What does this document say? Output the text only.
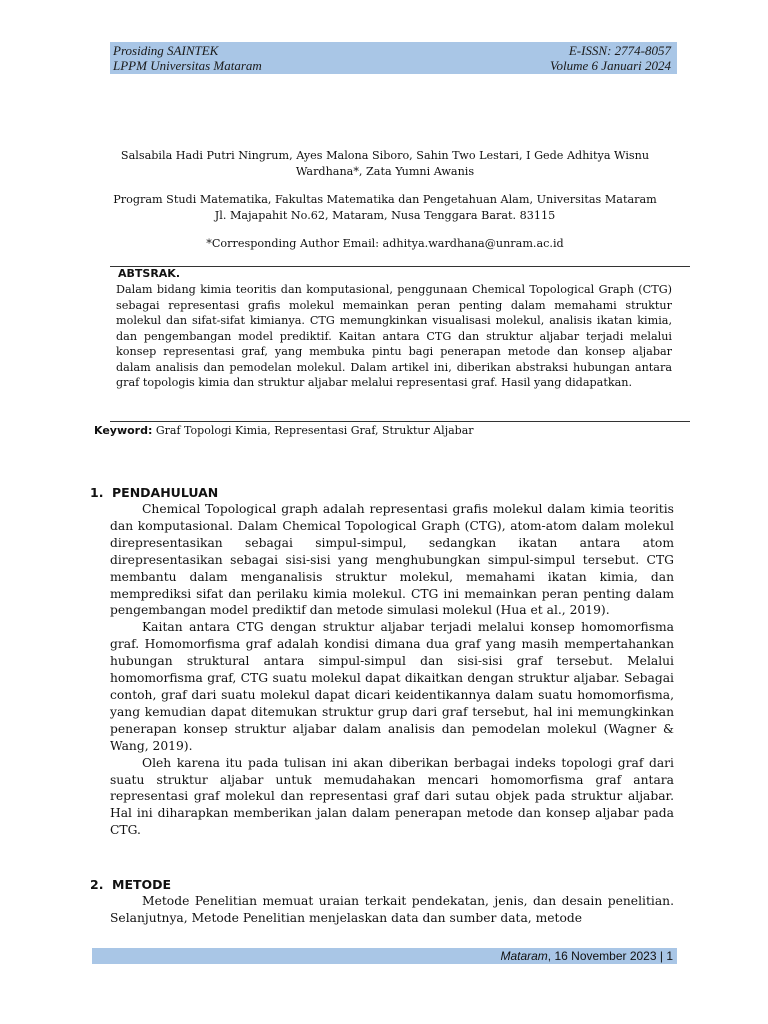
Prosiding SAINTEK
LPPM Universitas Mataram
E-ISSN: 2774-8057
Volume 6 Januari 2024
Salsabila Hadi Putri Ningrum, Ayes Malona Siboro, Sahin Two Lestari, I Gede Adhitya Wisnu Wardhana*, Zata Yumni Awanis
Program Studi Matematika, Fakultas Matematika dan Pengetahuan Alam, Universitas Mataram
Jl. Majapahit No.62, Mataram, Nusa Tenggara Barat. 83115
*Corresponding Author Email: adhitya.wardhana@unram.ac.id
ABTSRAK.
Dalam bidang kimia teoritis dan komputasional, penggunaan Chemical Topological Graph (CTG) sebagai representasi grafis molekul memainkan peran penting dalam memahami struktur molekul dan sifat-sifat kimianya. CTG memungkinkan visualisasi molekul, analisis ikatan kimia, dan pengembangan model prediktif. Kaitan antara CTG dan struktur aljabar terjadi melalui konsep representasi graf, yang membuka pintu bagi penerapan metode dan konsep aljabar dalam analisis dan pemodelan molekul. Dalam artikel ini, diberikan abstraksi hubungan antara graf topologis kimia dan struktur aljabar melalui representasi graf. Hasil yang didapatkan.
Keyword: Graf Topologi Kimia, Representasi Graf, Struktur Aljabar
1. PENDAHULUAN

Chemical Topological graph adalah representasi grafis molekul dalam kimia teoritis dan komputasional. Dalam Chemical Topological Graph (CTG), atom-atom dalam molekul direpresentasikan sebagai simpul-simpul, sedangkan ikatan antara atom direpresentasikan sebagai sisi-sisi yang menghubungkan simpul-simpul tersebut. CTG membantu dalam menganalisis struktur molekul, memahami ikatan kimia, dan memprediksi sifat dan perilaku kimia molekul. CTG ini memainkan peran penting dalam pengembangan model prediktif dan metode simulasi molekul (Hua et al., 2019).

Kaitan antara CTG dengan struktur aljabar terjadi melalui konsep homomorfisma graf. Homomorfisma graf adalah kondisi dimana dua graf yang masih mempertahankan hubungan struktural antara simpul-simpul dan sisi-sisi graf tersebut. Melalui homomorfisma graf, CTG suatu molekul dapat dikaitkan dengan struktur aljabar. Sebagai contoh, graf dari suatu molekul dapat dicari keidentikannya dalam suatu homomorfisma, yang kemudian dapat ditemukan struktur grup dari graf tersebut, hal ini memungkinkan penerapan konsep struktur aljabar dalam analisis dan pemodelan molekul (Wagner & Wang, 2019).

Oleh karena itu pada tulisan ini akan diberikan berbagai indeks topologi graf dari suatu struktur aljabar untuk memudahakan mencari homomorfisma graf antara representasi graf molekul dan representasi graf dari sutau objek pada struktur aljabar. Hal ini diharapkan memberikan jalan dalam penerapan metode dan konsep aljabar pada CTG.

2. METODE

Metode Penelitian memuat uraian terkait pendekatan, jenis, dan desain penelitian. Selanjutnya, Metode Penelitian menjelaskan data dan sumber data, metode

Mataram, 16 November 2023 | 1
